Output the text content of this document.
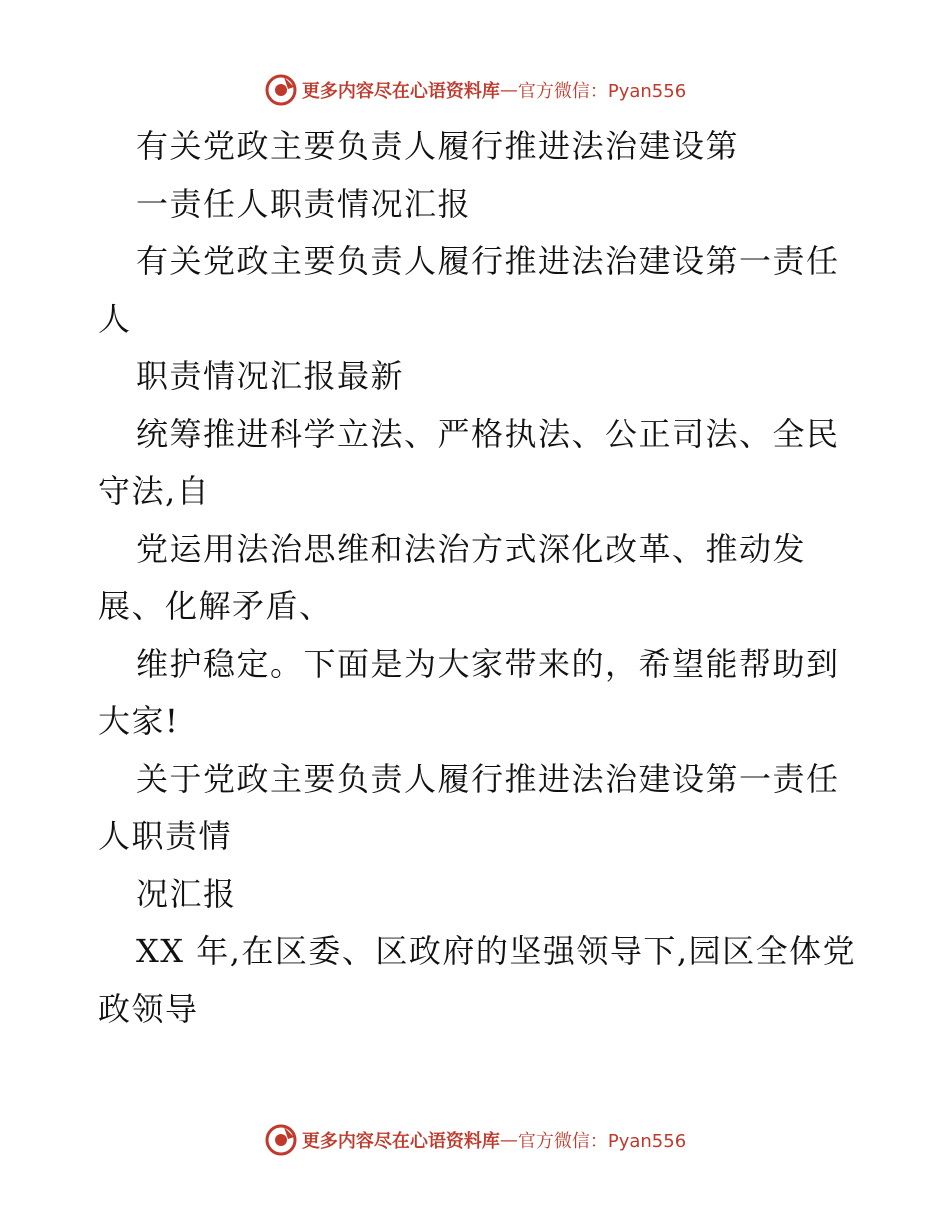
更多内容尽在心语资料库 — 官方微信：Pyan556

有关党政主要负责人履行推进法治建设第

一责任人职责情况汇报

有关党政主要负责人履行推进法治建设第一责任人

职责情况汇报最新

统筹推进科学立法、严格执法、公正司法、全民守法,自

党运用法治思维和法治方式深化改革、推动发展、化解矛盾、

维护稳定。下面是为大家带来的，希望能帮助到大家!

关于党政主要负责人履行推进法治建设第一责任人职责情

况汇报

XX 年,在区委、区政府的坚强领导下,园区全体党政领导

更多内容尽在心语资料库 — 官方微信：Pyan556
